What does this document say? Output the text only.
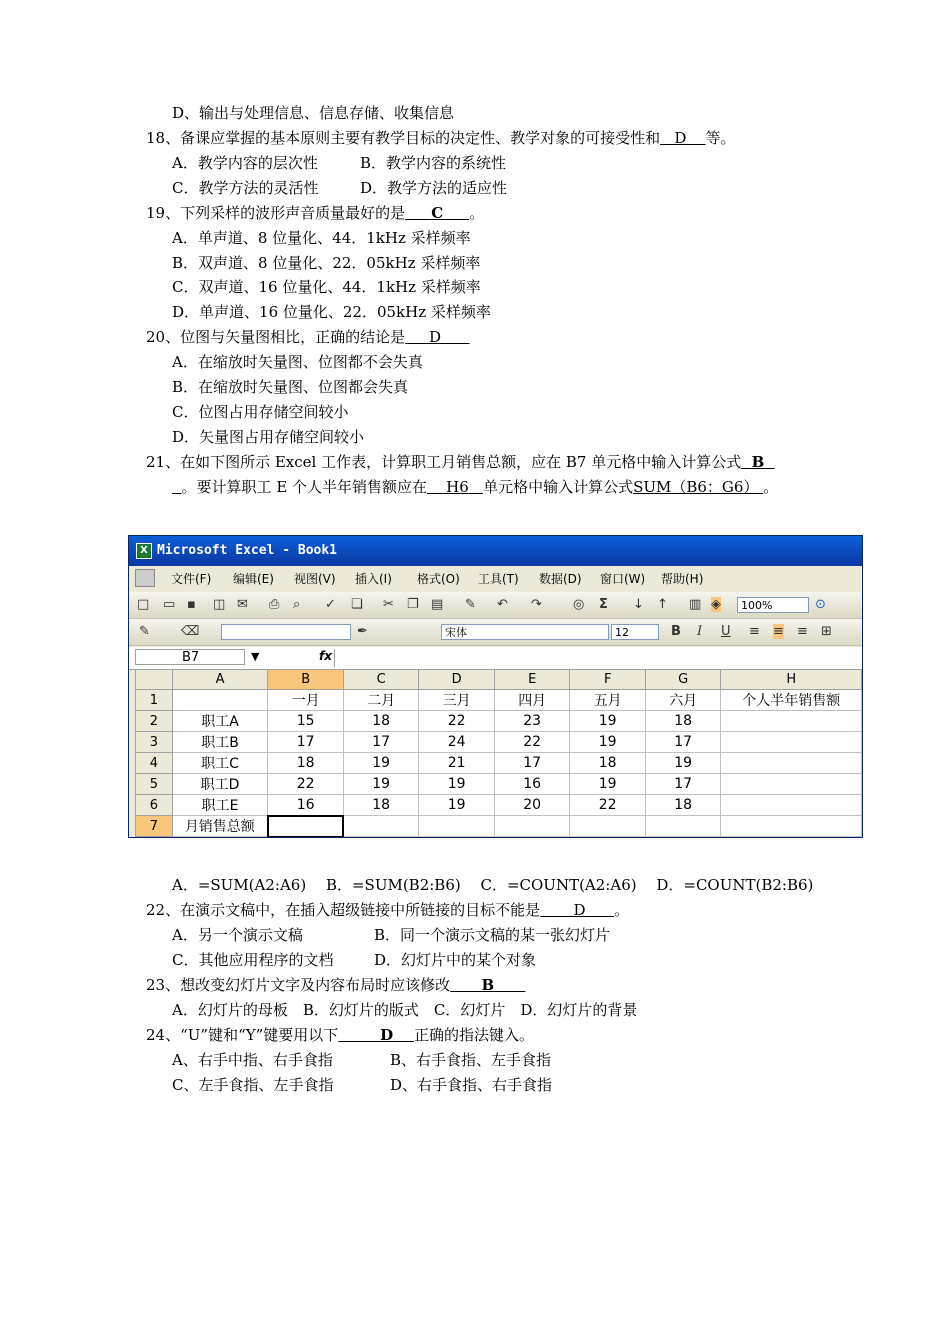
D、输出与处理信息、信息存储、收集信息
18、备课应掌握的基本原则主要有教学目标的决定性、教学对象的可接受性和 D 等。
A．教学内容的层次性	B．教学内容的系统性
C．教学方法的灵活性	D．教学方法的适应性
19、下列采样的波形声音质量最好的是 C 。
A．单声道、8 位量化、44．1kHz 采样频率
B．双声道、8 位量化、22．05kHz 采样频率
C．双声道、16 位量化、44．1kHz 采样频率
D．单声道、16 位量化、22．05kHz 采样频率
20、位图与矢量图相比，正确的结论是 D
A．在缩放时矢量图、位图都不会失真
B．在缩放时矢量图、位图都会失真
C．位图占用存储空间较小
D．矢量图占用存储空间较小
21、在如下图所示 Excel 工作表，计算职工月销售总额，应在 B7 单元格中输入计算公式 B
。要计算职工 E 个人半年销售额应在 H6 单元格中输入计算公式SUM（B6：G6） 。
X Microsoft Excel - Book1
文件(F) 编辑(E) 视图(V) 插入(I) 格式(O) 工具(T) 数据(D) 窗口(W) 帮助(H)
□ ▭ ▪ ◫ ✉ ⎙ ⌕ ✓ ❏ ✂ ❐ ▤ ✎ ↶ ↷ ◎ Σ ↓ ↑ ▥ ◈	100%	⊙
✎ ⌫	✒	宋体	12	B I U ≡ ≡ ≡ ⊞
B7	▼	fx
	A	B	C	D	E	F	G	H
1		一月	二月	三月	四月	五月	六月	个人半年销售额
2	职工A	15	18	22	23	19	18	
3	职工B	17	17	24	22	19	17	
4	职工C	18	19	21	17	18	19	
5	职工D	22	19	19	16	19	17	
6	职工E	16	18	19	20	22	18	
7	月销售总额							
A．=SUM(A2:A6)　 B．=SUM(B2:B6)　 C．=COUNT(A2:A6)　 D．=COUNT(B2:B6)
22、在演示文稿中，在插入超级链接中所链接的目标不能是 D 。
A．另一个演示文稿	B．同一个演示文稿的某一张幻灯片
C．其他应用程序的文档	D．幻灯片中的某个对象
23、想改变幻灯片文字及内容布局时应该修改 B
A．幻灯片的母板　B．幻灯片的版式　C．幻灯片　D．幻灯片的背景
24、“U”键和“Y”键要用以下	D 正确的指法键入。
A、右手中指、右手食指	B、右手食指、左手食指
C、左手食指、左手食指	D、右手食指、右手食指
